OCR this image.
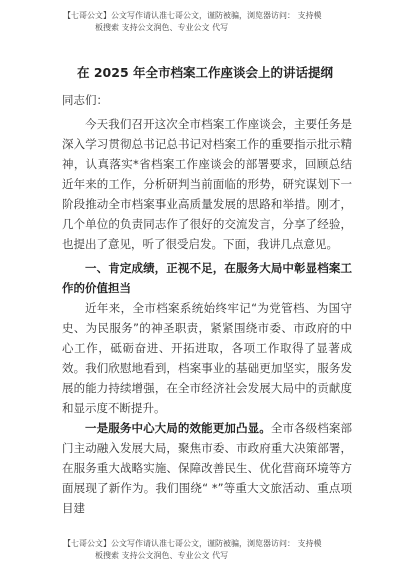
【七哥公文】公文写作请认准七哥公文，谨防被骗，浏览器访问： 支持模
板搜索 支持公文润色、专业公文 代写
在 2025 年全市档案工作座谈会上的讲话提纲

同志们：

今天我们召开这次全市档案工作座谈会，主要任务是深入学习贯彻总书记总书记对档案工作的重要指示批示精神，认真落实*省档案工作座谈会的部署要求，回顾总结近年来的工作，分析研判当前面临的形势，研究谋划下一阶段推动全市档案事业高质量发展的思路和举措。刚才，几个单位的负责同志作了很好的交流发言，分享了经验，也提出了意见，听了很受启发。下面，我讲几点意见。

一、肯定成绩，正视不足，在服务大局中彰显档案工作的价值担当

近年来，全市档案系统始终牢记“为党管档、为国守史、为民服务”的神圣职责，紧紧围绕市委、市政府的中心工作，砥砺奋进、开拓进取，各项工作取得了显著成效。我们欣慰地看到，档案事业的基础更加坚实，服务发展的能力持续增强，在全市经济社会发展大局中的贡献度和显示度不断提升。

一是服务中心大局的效能更加凸显。全市各级档案部门主动融入发展大局，聚焦市委、市政府重大决策部署，在服务重大战略实施、保障改善民生、优化营商环境等方面展现了新作为。我们围绕“ *”等重大文旅活动、重点项目建

【七哥公文】公文写作请认准七哥公文，谨防被骗，浏览器访问： 支持模
板搜索 支持公文润色、专业公文 代写
